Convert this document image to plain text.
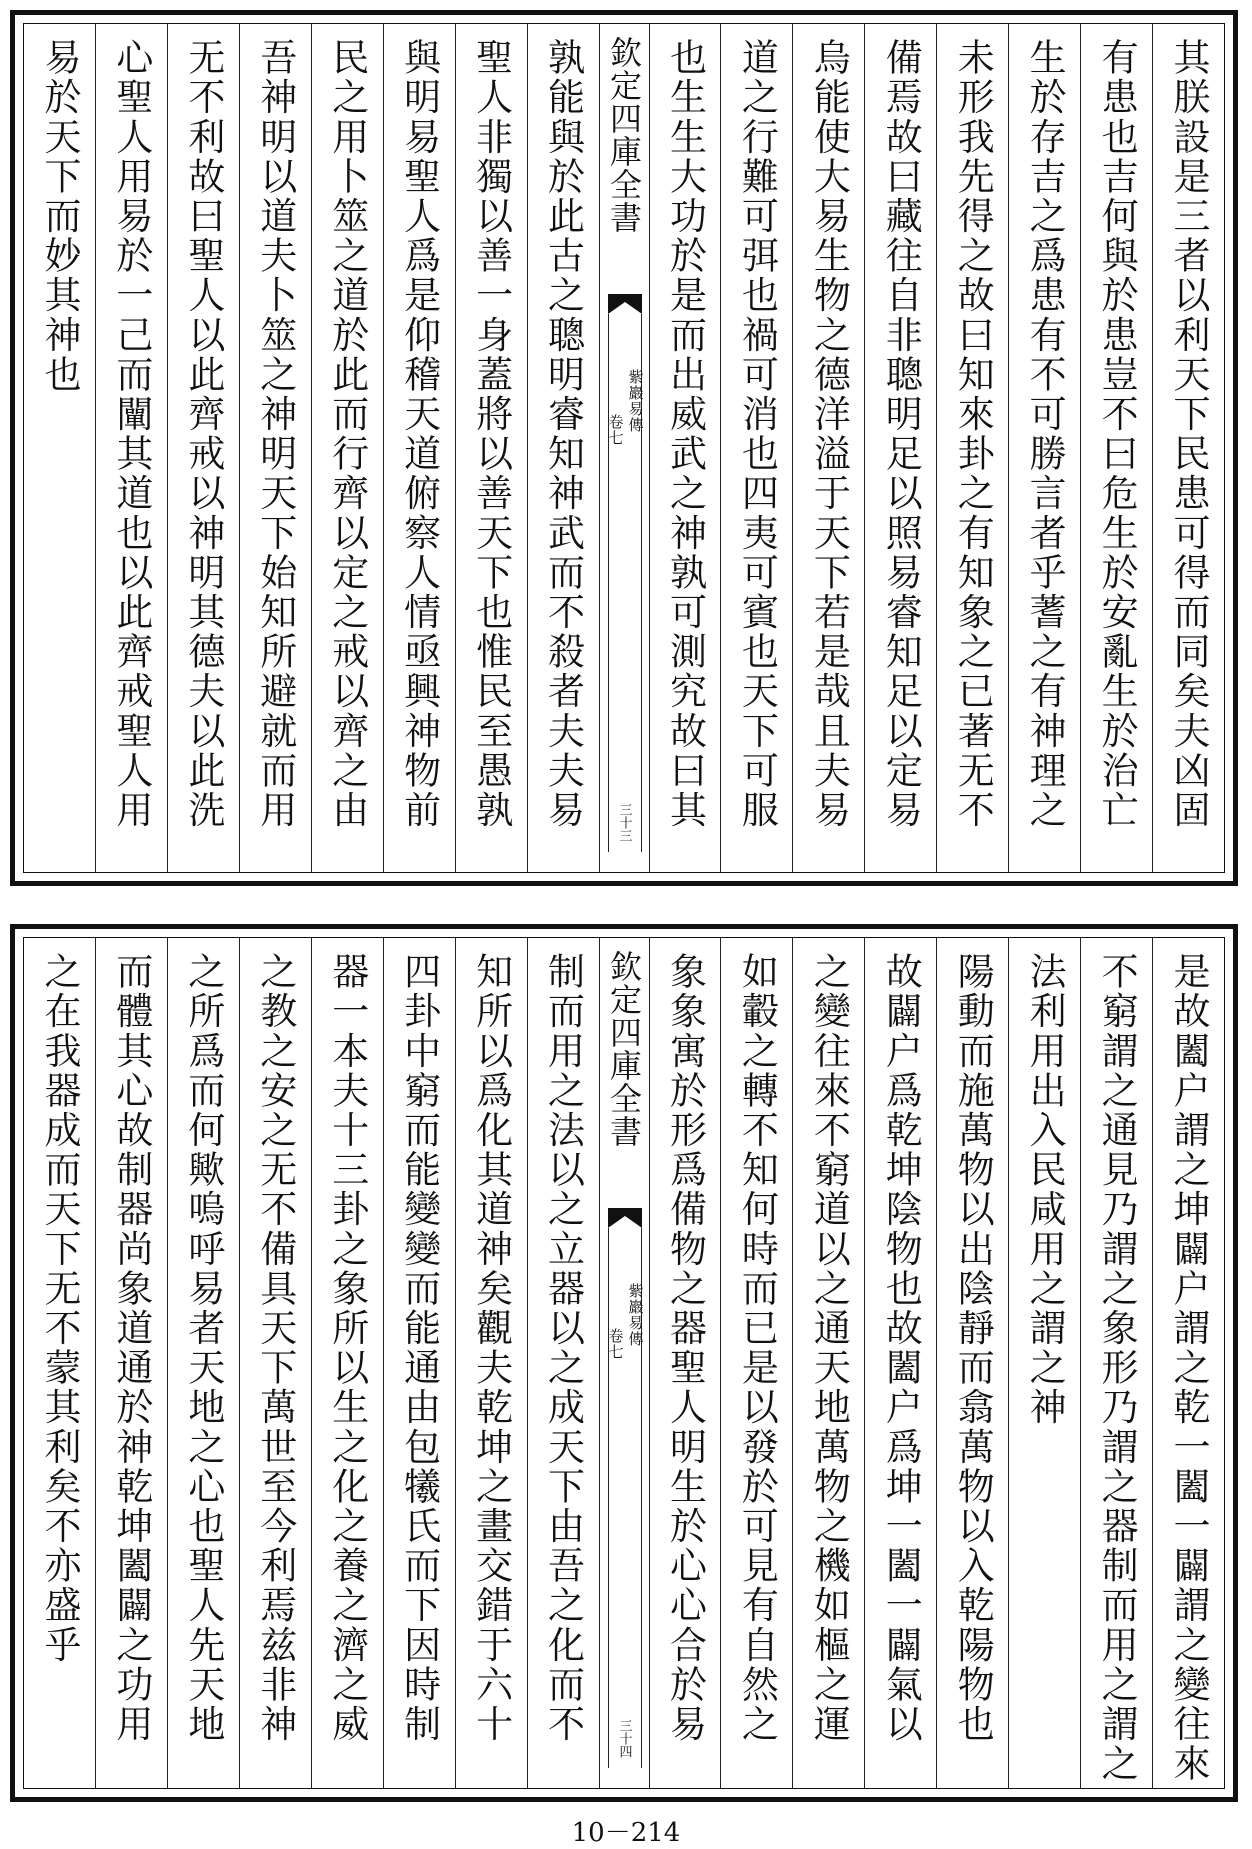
其朕設是三者以利天下民患可得而同矣夫凶固
有患也吉何與於患豈不曰危生於安亂生於治亡
生於存吉之爲患有不可勝言者乎蓍之有神理之
未形我先得之故曰知來卦之有知象之已著无不
備焉故曰藏往自非聰明足以照易睿知足以定易
烏能使大易生物之德洋溢于天下若是哉且夫易
道之行難可弭也禍可消也四夷可賓也天下可服
也生生大功於是而出威武之神孰可測究故曰其
欽定四庫全書
紫巖易傳
卷七
三十三
孰能與於此古之聰明睿知神武而不殺者夫夫易
聖人非獨以善一身蓋將以善天下也惟民至愚孰
與明易聖人爲是仰稽天道俯察人情亟興神物前
民之用卜筮之道於此而行齊以定之戒以齊之由
吾神明以道夫卜筮之神明天下始知所避就而用
无不利故曰聖人以此齊戒以神明其德夫以此洗
心聖人用易於一己而闡其道也以此齊戒聖人用
易於天下而妙其神也
是故闔户謂之坤闢户謂之乾一闔一闢謂之變往來
不窮謂之通見乃謂之象形乃謂之器制而用之謂之
法利用出入民咸用之謂之神
陽動而施萬物以出陰靜而翕萬物以入乾陽物也
故闢户爲乾坤陰物也故闔户爲坤一闔一闢氣以
之變往來不窮道以之通天地萬物之機如樞之運
如轂之轉不知何時而已是以發於可見有自然之
象象寓於形爲備物之器聖人明生於心心合於易
欽定四庫全書
紫巖易傳
卷七
三十四
制而用之法以之立器以之成天下由吾之化而不
知所以爲化其道神矣觀夫乾坤之畫交錯于六十
四卦中窮而能變變而能通由包犧氏而下因時制
器一本夫十三卦之象所以生之化之養之濟之威
之教之安之无不備具天下萬世至今利焉兹非神
之所爲而何歟嗚呼易者天地之心也聖人先天地
而體其心故制器尚象道通於神乾坤闔闢之功用
之在我器成而天下无不蒙其利矣不亦盛乎
10－214
